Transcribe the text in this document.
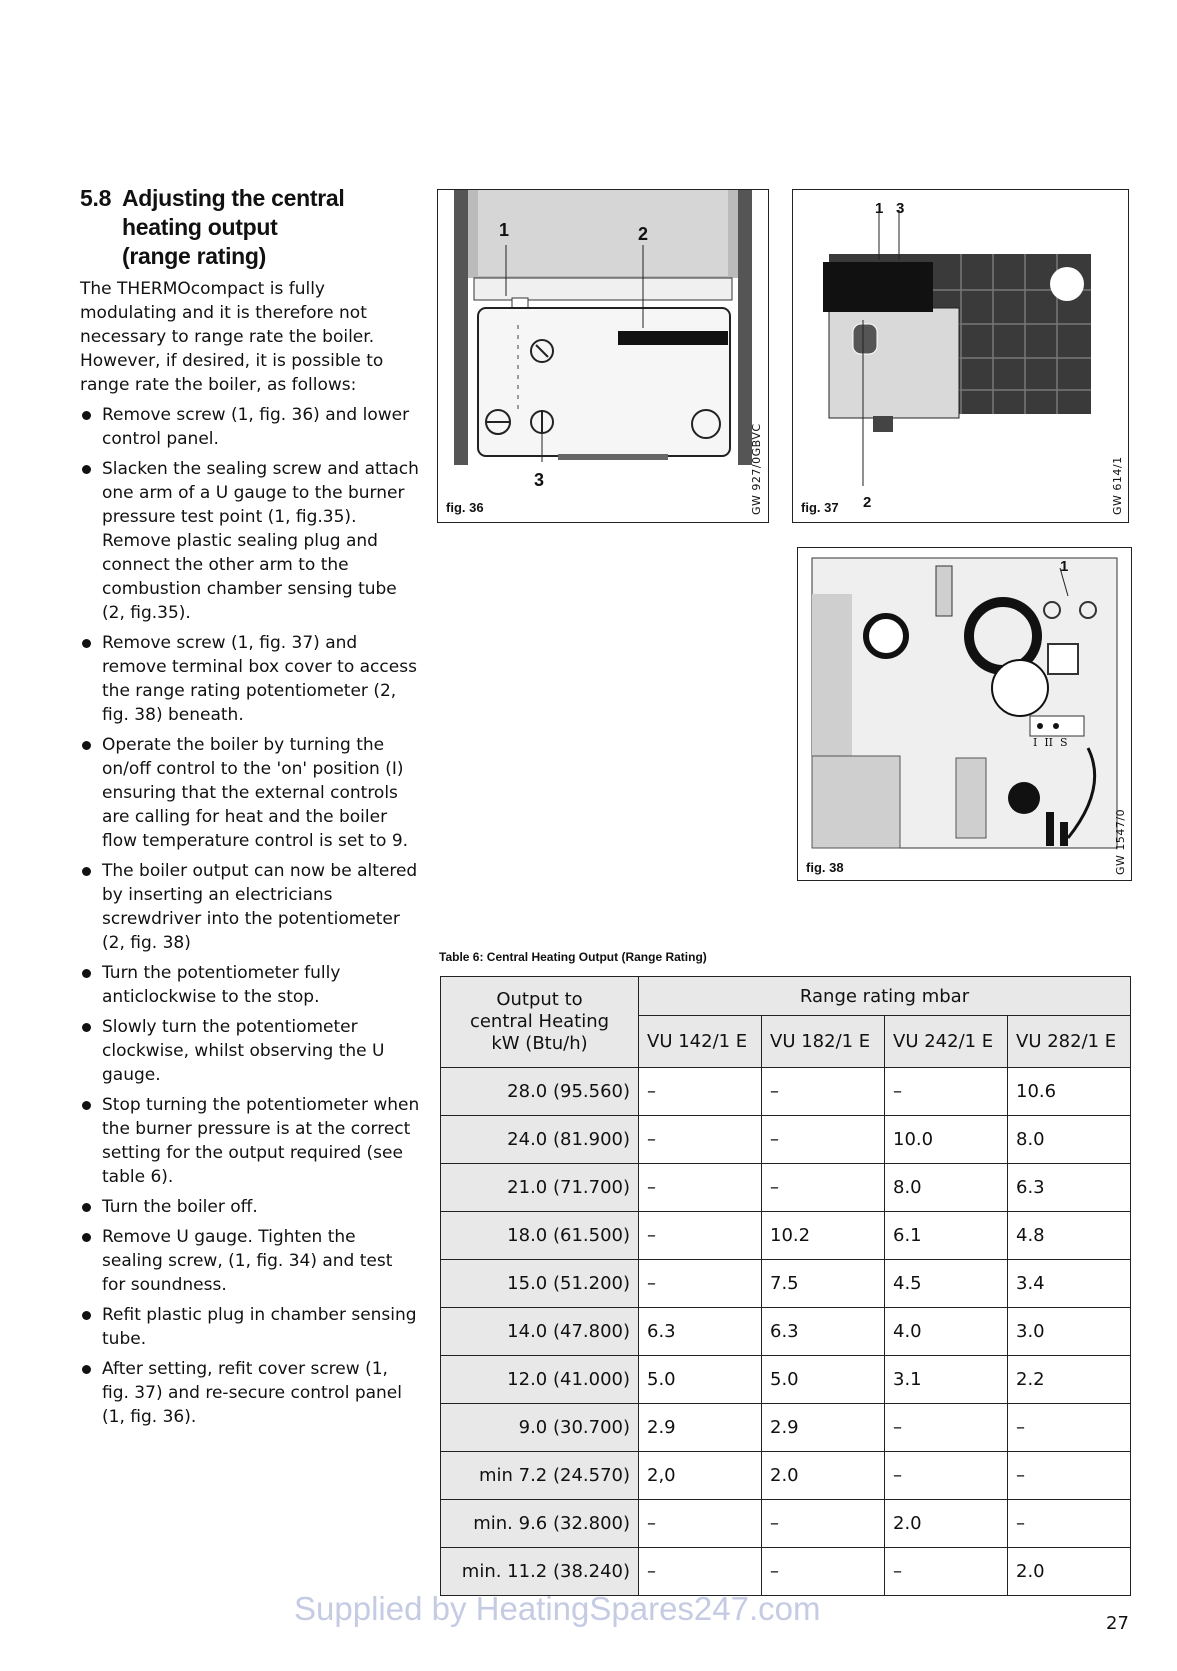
5.8 Adjusting the central
heating output
(range rating)

The THERMOcompact is fully modulating and it is therefore not necessary to range rate the boiler. However, if desired, it is possible to range rate the boiler, as follows:

Remove screw (1, fig. 36) and lower control panel.
Slacken the sealing screw and attach one arm of a U gauge to the burner pressure test point (1, fig.35). Remove plastic sealing plug and connect the other arm to the combustion chamber sensing tube (2, fig.35).
Remove screw (1, fig. 37) and remove terminal box cover to access the range rating potentiometer (2, fig. 38) beneath.
Operate the boiler by turning the on/off control to the 'on' position (I) ensuring that the external controls are calling for heat and the boiler flow temperature control is set to 9.
The boiler output can now be altered by inserting an electricians screwdriver into the potentiometer (2, fig. 38)
Turn the potentiometer fully anticlockwise to the stop.
Slowly turn the potentiometer clockwise, whilst observing the U gauge.
Stop turning the potentiometer when the burner pressure is at the correct setting for the output required (see table 6).
Turn the boiler off.
Remove U gauge. Tighten the sealing screw, (1, fig. 34) and test for soundness.
Refit plastic plug in chamber sensing tube.
After setting, refit cover screw (1, fig. 37) and re-secure control panel (1, fig. 36).
1	2
3
fig. 36	GW 927/0GBVC
1 3
2
fig. 37	GW 614/1
1
I  II  S
fig. 38	GW 1547/0
Table 6: Central Heating Output (Range Rating)
Output to
central Heating
kW (Btu/h)	Range rating mbar			
	VU 142/1 E	VU 182/1 E	VU 242/1 E	VU 282/1 E
28.0 (95.560)	–	–	–	10.6
24.0 (81.900)	–	–	10.0	8.0
21.0 (71.700)	–	–	8.0	6.3
18.0 (61.500)	–	10.2	6.1	4.8
15.0 (51.200)	–	7.5	4.5	3.4
14.0 (47.800)	6.3	6.3	4.0	3.0
12.0 (41.000)	5.0	5.0	3.1	2.2
9.0 (30.700)	2.9	2.9	–	–
min 7.2 (24.570)	2,0	2.0	–	–
min. 9.6 (32.800)	–	–	2.0	–
min. 11.2 (38.240)	–	–	–	2.0
Supplied by HeatingSpares247.com	27
